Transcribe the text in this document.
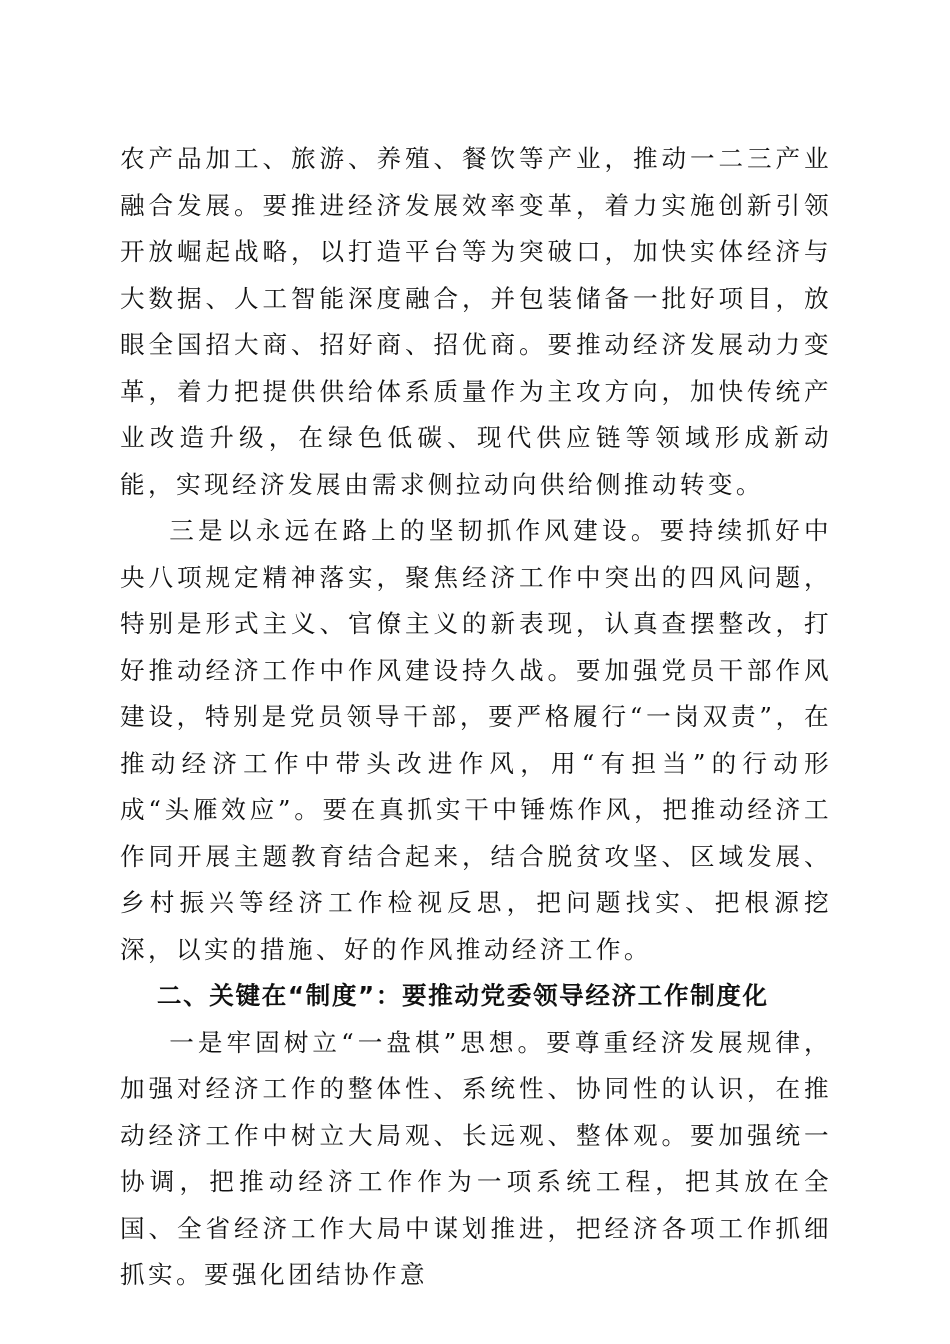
农产品加工、旅游、养殖、餐饮等产业，推动一二三产业融合发展。要推进经济发展效率变革，着力实施创新引领开放崛起战略，以打造平台等为突破口，加快实体经济与大数据、人工智能深度融合，并包装储备一批好项目，放眼全国招大商、招好商、招优商。要推动经济发展动力变革，着力把提供供给体系质量作为主攻方向，加快传统产业改造升级，在绿色低碳、现代供应链等领域形成新动能，实现经济发展由需求侧拉动向供给侧推动转变。

三是以永远在路上的坚韧抓作风建设。要持续抓好中央八项规定精神落实，聚焦经济工作中突出的四风问题，特别是形式主义、官僚主义的新表现，认真查摆整改，打好推动经济工作中作风建设持久战。要加强党员干部作风建设，特别是党员领导干部，要严格履行“一岗双责”，在推动经济工作中带头改进作风，用“有担当”的行动形成“头雁效应”。要在真抓实干中锤炼作风，把推动经济工作同开展主题教育结合起来，结合脱贫攻坚、区域发展、乡村振兴等经济工作检视反思，把问题找实、把根源挖深，以实的措施、好的作风推动经济工作。

二、关键在“制度”：要推动党委领导经济工作制度化

一是牢固树立“一盘棋”思想。要尊重经济发展规律，加强对经济工作的整体性、系统性、协同性的认识，在推动经济工作中树立大局观、长远观、整体观。要加强统一协调，把推动经济工作作为一项系统工程，把其放在全国、全省经济工作大局中谋划推进，把经济各项工作抓细抓实。要强化团结协作意
